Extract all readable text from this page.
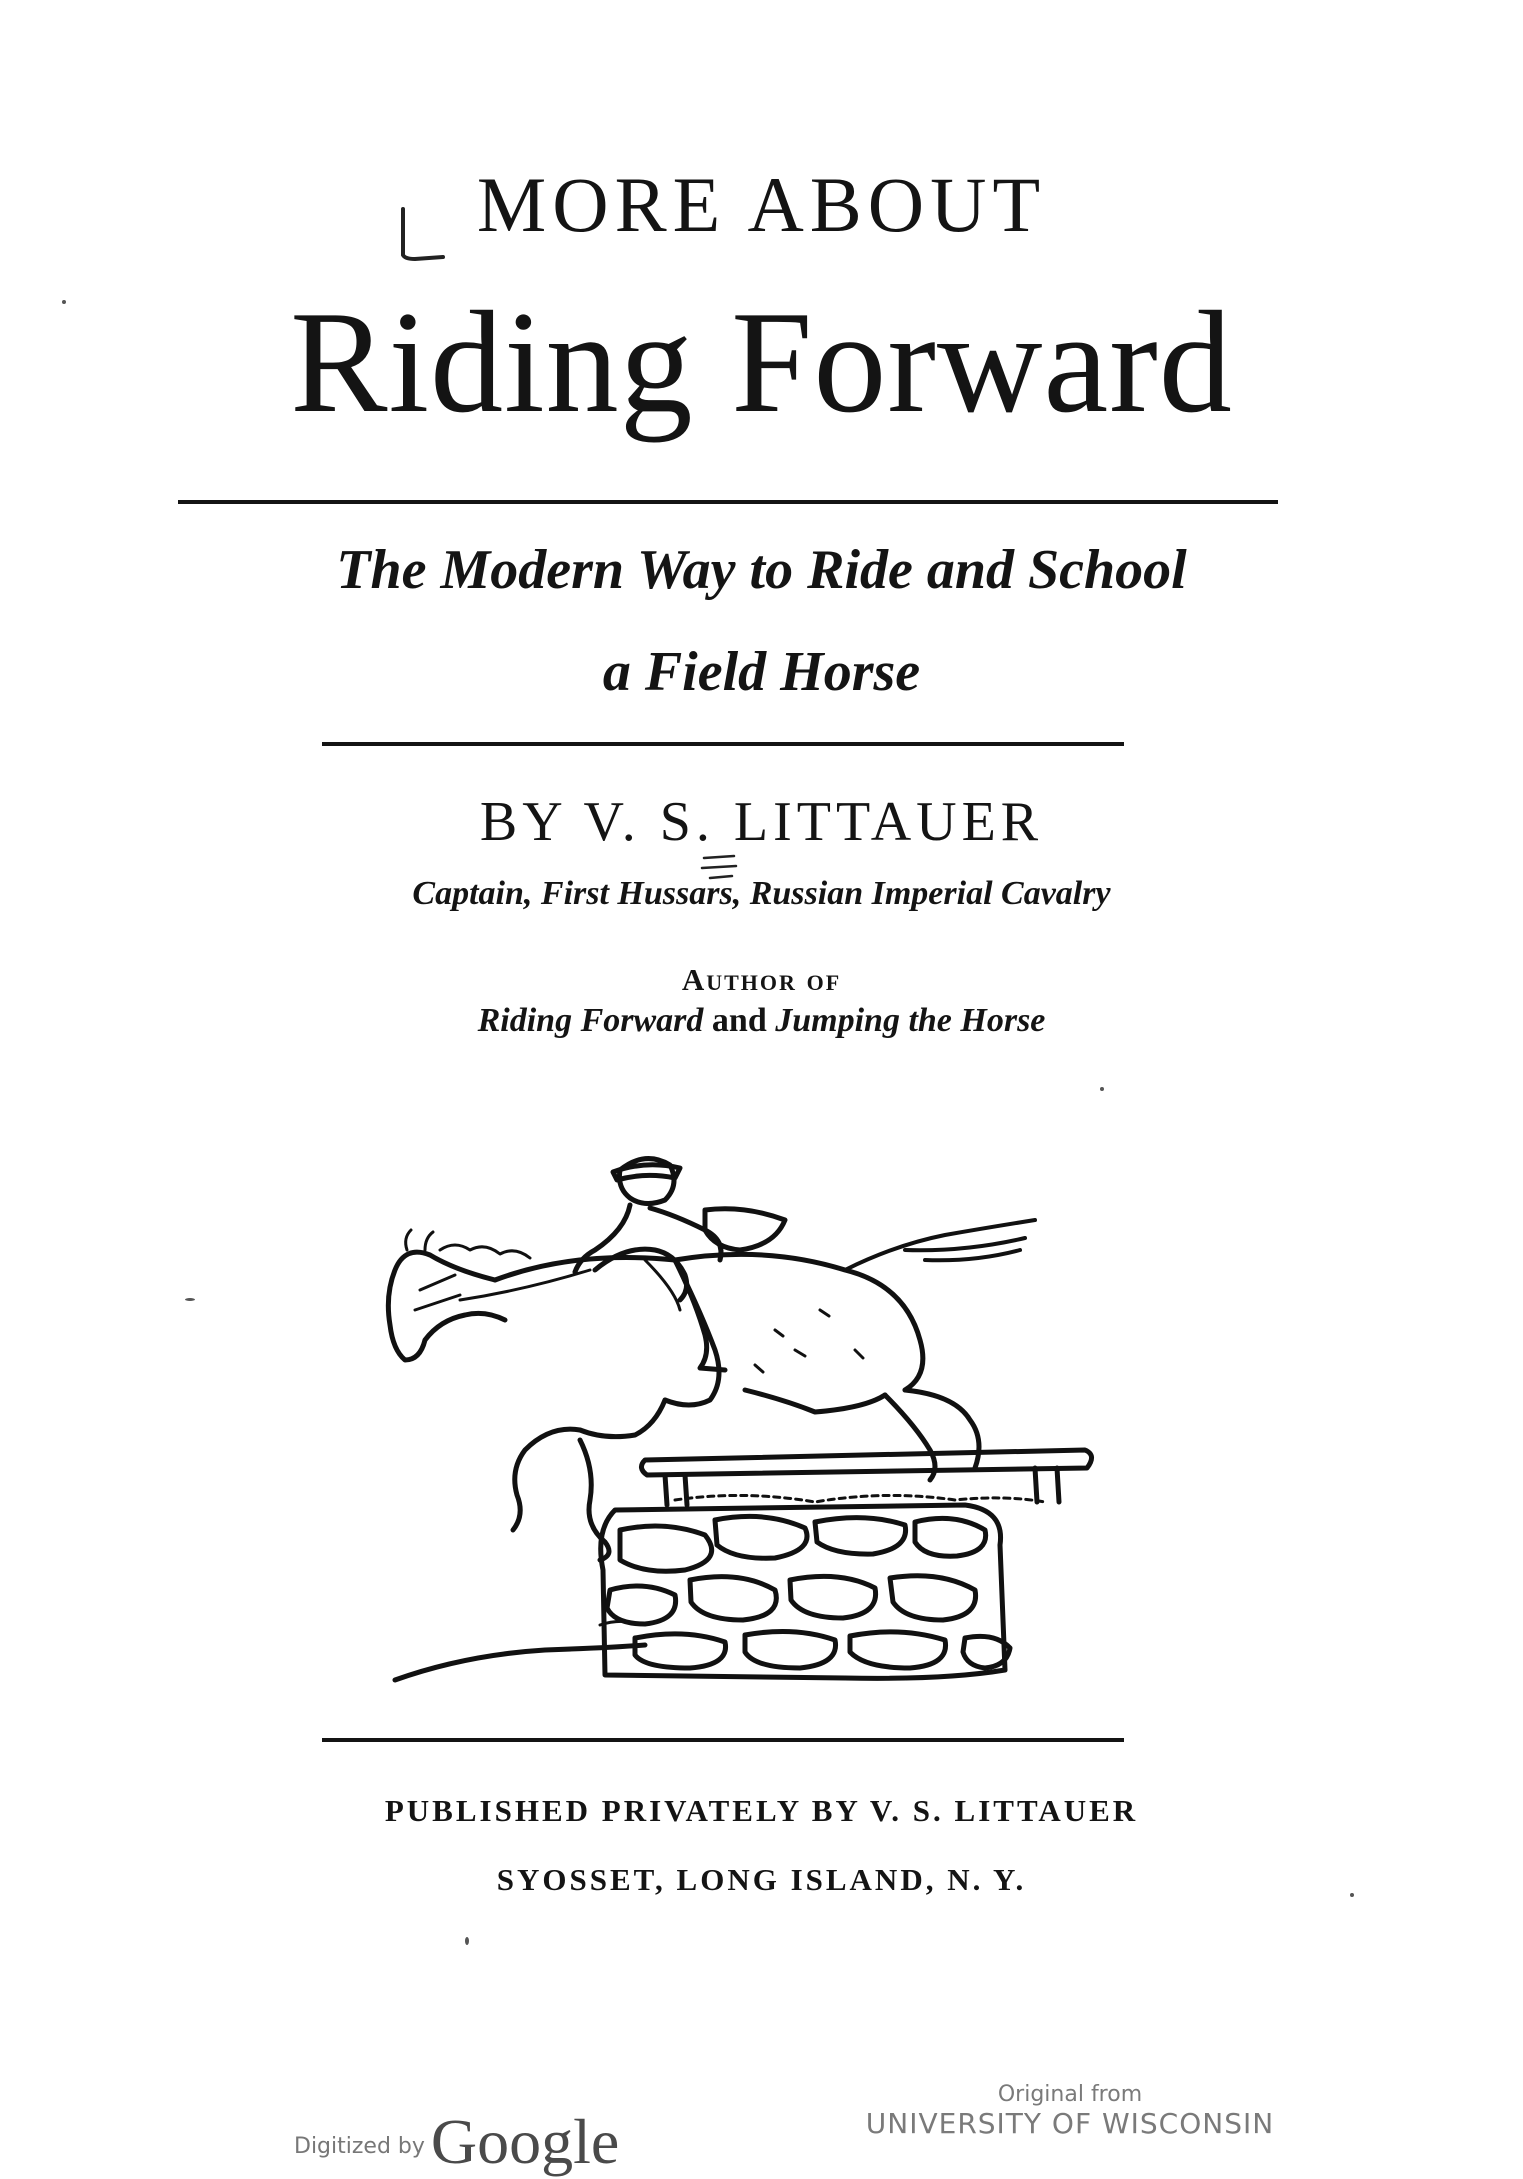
MORE ABOUT
Riding Forward
The Modern Way to Ride and School
a Field Horse
BY V. S. LITTAUER
Captain, First Hussars, Russian Imperial Cavalry
Author of
Riding Forward and Jumping the Horse
PUBLISHED PRIVATELY BY V. S. LITTAUER
SYOSSET, LONG ISLAND, N. Y.
Digitized byGoogle
Original from
UNIVERSITY OF WISCONSIN
